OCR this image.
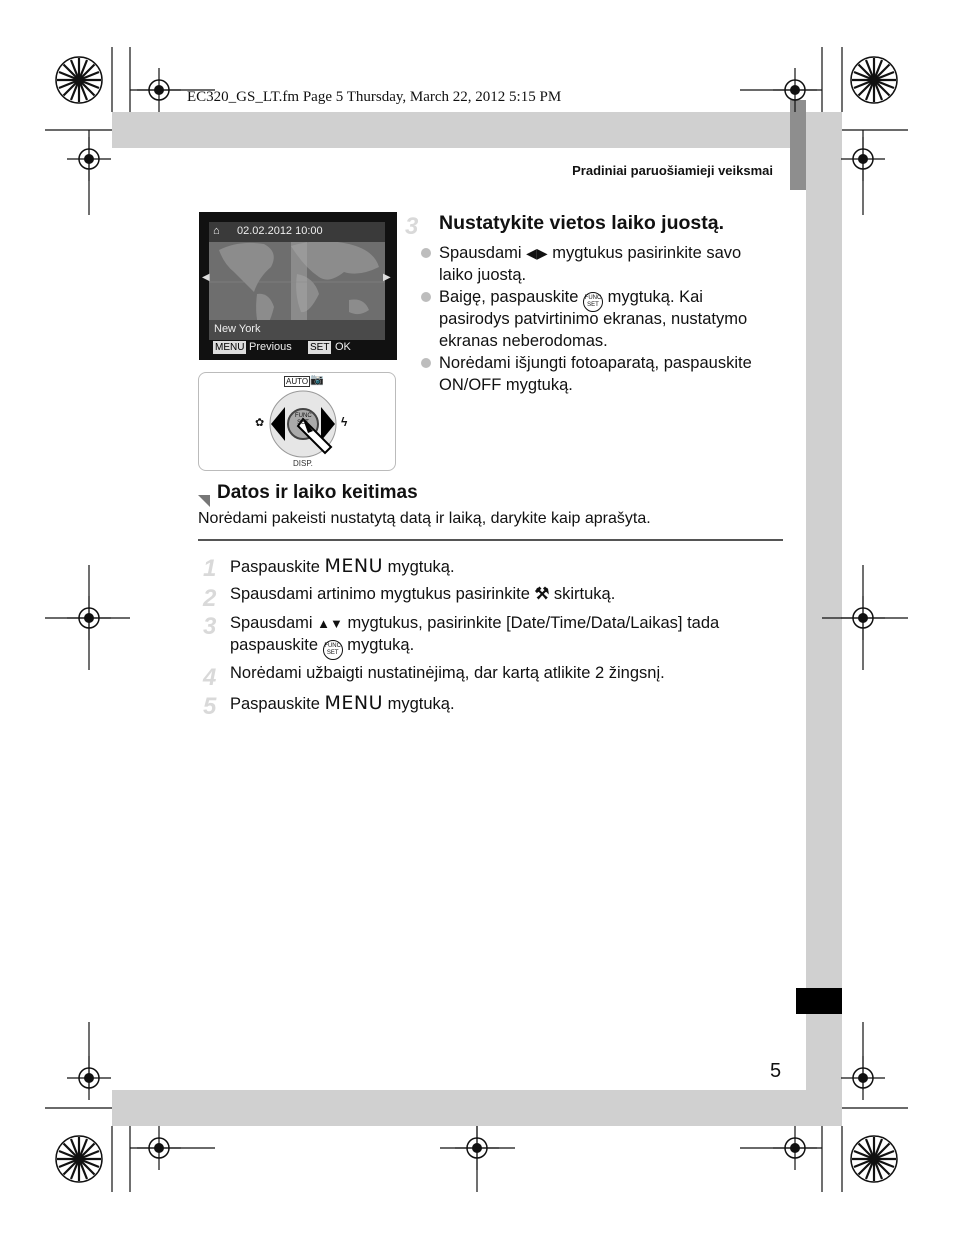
EC320_GS_LT.fm Page 5 Thursday, March 22, 2012 5:15 PM
Pradiniai paruošiamieji veiksmai
⌂ 02.02.2012 10:00
New York
◀	▶
MENU Previous SET OK
AUTO 📷
✿	ϟ
FUNC
SET
DISP.
3 Nustatykite vietos laiko juostą.
Spausdami ◀▶ mygtukus pasirinkite savo
laiko juostą.
Baigę, paspauskite FUNC
SET mygtuką. Kai
pasirodys patvirtinimo ekranas, nustatymo
ekranas neberodomas.
Norėdami išjungti fotoaparatą, paspauskite
ON/OFF mygtuką.
Datos ir laiko keitimas
Norėdami pakeisti nustatytą datą ir laiką, darykite kaip aprašyta.
1 Paspauskite MENU mygtuką.
2 Spausdami artinimo mygtukus pasirinkite ⚒ skirtuką.
3 Spausdami ▲▼ mygtukus, pasirinkite [Date/Time/Data/Laikas] tada
paspauskite FUNC
SET mygtuką.
4 Norėdami užbaigti nustatinėjimą, dar kartą atlikite 2 žingsnį.
5 Paspauskite MENU mygtuką.
5
